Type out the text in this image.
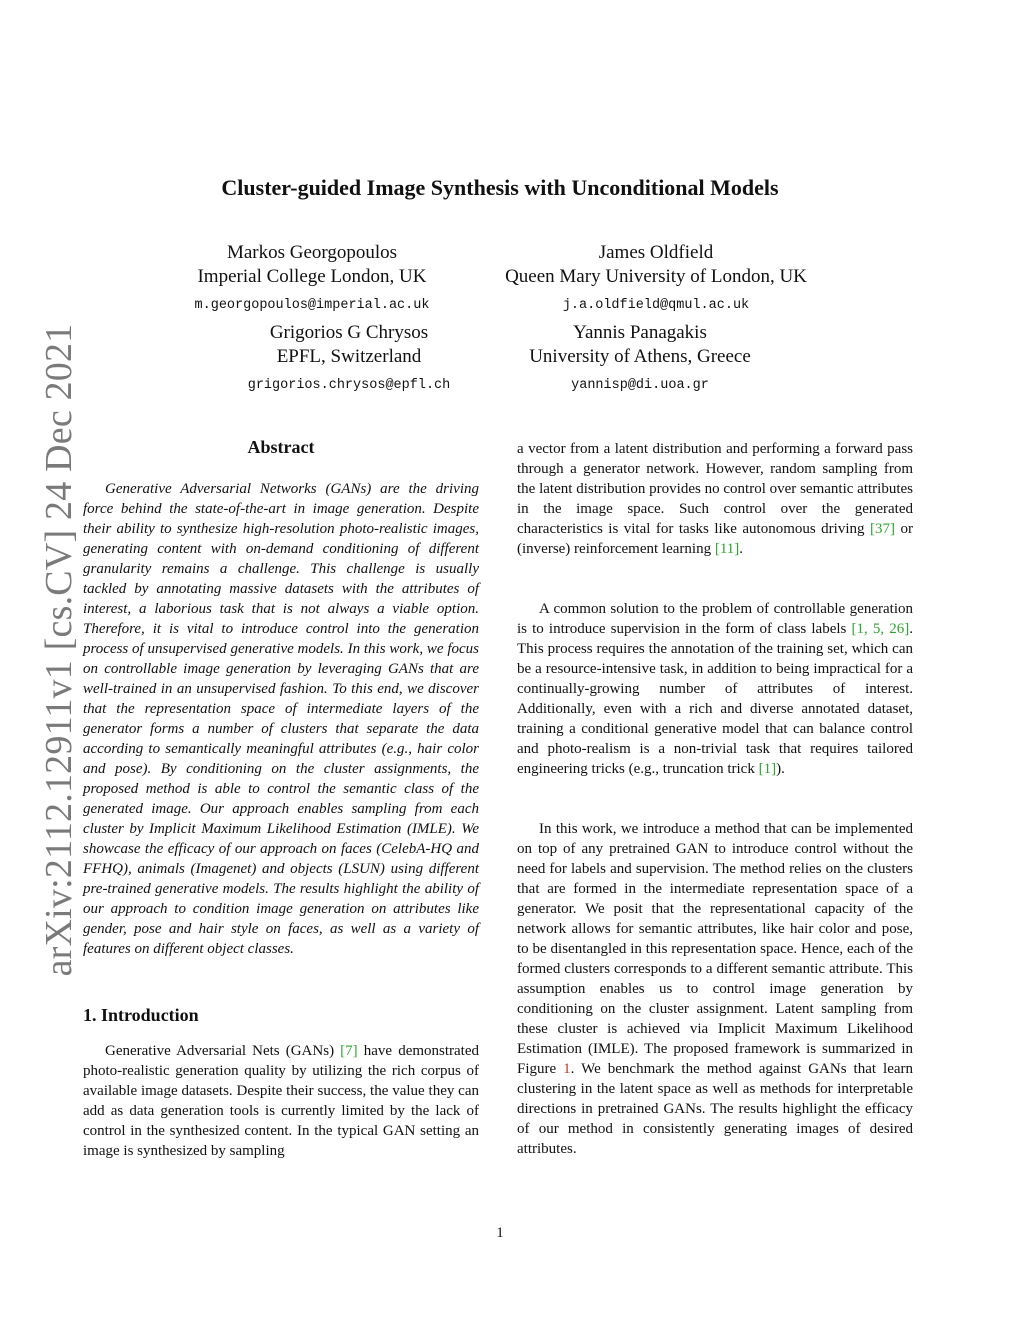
arXiv:2112.12911v1 [cs.CV] 24 Dec 2021
Cluster-guided Image Synthesis with Unconditional Models
Markos Georgopoulos
Imperial College London, UK
m.georgopoulos@imperial.ac.uk
James Oldfield
Queen Mary University of London, UK
j.a.oldfield@qmul.ac.uk
Grigorios G Chrysos
EPFL, Switzerland
grigorios.chrysos@epfl.ch
Yannis Panagakis
University of Athens, Greece
yannisp@di.uoa.gr
Abstract

Generative Adversarial Networks (GANs) are the driving force behind the state-of-the-art in image generation. Despite their ability to synthesize high-resolution photo-realistic images, generating content with on-demand conditioning of different granularity remains a challenge. This challenge is usually tackled by annotating massive datasets with the attributes of interest, a laborious task that is not always a viable option. Therefore, it is vital to introduce control into the generation process of unsupervised generative models. In this work, we focus on controllable image generation by leveraging GANs that are well-trained in an unsupervised fashion. To this end, we discover that the representation space of intermediate layers of the generator forms a number of clusters that separate the data according to semantically meaningful attributes (e.g., hair color and pose). By conditioning on the cluster assignments, the proposed method is able to control the semantic class of the generated image. Our approach enables sampling from each cluster by Implicit Maximum Likelihood Estimation (IMLE). We showcase the efficacy of our approach on faces (CelebA-HQ and FFHQ), animals (Imagenet) and objects (LSUN) using different pre-trained generative models. The results highlight the ability of our approach to condition image generation on attributes like gender, pose and hair style on faces, as well as a variety of features on different object classes.

1. Introduction

Generative Adversarial Nets (GANs) [7] have demonstrated photo-realistic generation quality by utilizing the rich corpus of available image datasets. Despite their success, the value they can add as data generation tools is currently limited by the lack of control in the synthesized content. In the typical GAN setting an image is synthesized by sampling

a vector from a latent distribution and performing a forward pass through a generator network. However, random sampling from the latent distribution provides no control over semantic attributes in the image space. Such control over the generated characteristics is vital for tasks like autonomous driving [37] or (inverse) reinforcement learning [11].

A common solution to the problem of controllable generation is to introduce supervision in the form of class labels [1, 5, 26]. This process requires the annotation of the training set, which can be a resource-intensive task, in addition to being impractical for a continually-growing number of attributes of interest. Additionally, even with a rich and diverse annotated dataset, training a conditional generative model that can balance control and photo-realism is a non-trivial task that requires tailored engineering tricks (e.g., truncation trick [1]).

In this work, we introduce a method that can be implemented on top of any pretrained GAN to introduce control without the need for labels and supervision. The method relies on the clusters that are formed in the intermediate representation space of a generator. We posit that the representational capacity of the network allows for semantic attributes, like hair color and pose, to be disentangled in this representation space. Hence, each of the formed clusters corresponds to a different semantic attribute. This assumption enables us to control image generation by conditioning on the cluster assignment. Latent sampling from these cluster is achieved via Implicit Maximum Likelihood Estimation (IMLE). The proposed framework is summarized in Figure 1. We benchmark the method against GANs that learn clustering in the latent space as well as methods for interpretable directions in pretrained GANs. The results highlight the efficacy of our method in consistently generating images of desired attributes.

1
